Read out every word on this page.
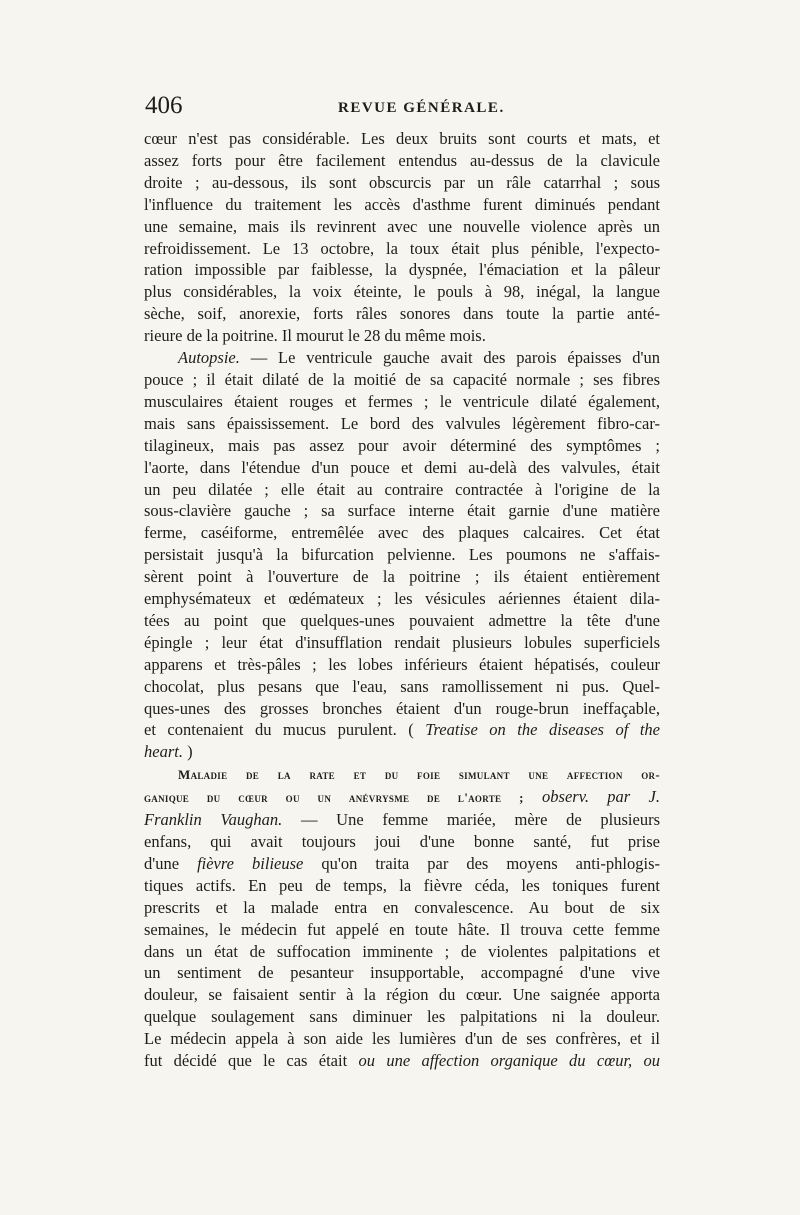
406	REVUE GÉNÉRALE.
cœur n'est pas considérable. Les deux bruits sont courts et mats, et
assez forts pour être facilement entendus au-dessus de la clavicule
droite ; au-dessous, ils sont obscurcis par un râle catarrhal ; sous
l'influence du traitement les accès d'asthme furent diminués pendant
une semaine, mais ils revinrent avec une nouvelle violence après un
refroidissement. Le 13 octobre, la toux était plus pénible, l'expecto-
ration impossible par faiblesse, la dyspnée, l'émaciation et la pâleur
plus considérables, la voix éteinte, le pouls à 98, inégal, la langue
sèche, soif, anorexie, forts râles sonores dans toute la partie anté-
rieure de la poitrine. Il mourut le 28 du même mois.
Autopsie. — Le ventricule gauche avait des parois épaisses d'un
pouce ; il était dilaté de la moitié de sa capacité normale ; ses fibres
musculaires étaient rouges et fermes ; le ventricule dilaté également,
mais sans épaississement. Le bord des valvules légèrement fibro-car-
tilagineux, mais pas assez pour avoir déterminé des symptômes ;
l'aorte, dans l'étendue d'un pouce et demi au-delà des valvules, était
un peu dilatée ; elle était au contraire contractée à l'origine de la
sous-clavière gauche ; sa surface interne était garnie d'une matière
ferme, caséiforme, entremêlée avec des plaques calcaires. Cet état
persistait jusqu'à la bifurcation pelvienne. Les poumons ne s'affais-
sèrent point à l'ouverture de la poitrine ; ils étaient entièrement
emphysémateux et œdémateux ; les vésicules aériennes étaient dila-
tées au point que quelques-unes pouvaient admettre la tête d'une
épingle ; leur état d'insufflation rendait plusieurs lobules superficiels
apparens et très-pâles ; les lobes inférieurs étaient hépatisés, couleur
chocolat, plus pesans que l'eau, sans ramollissement ni pus. Quel-
ques-unes des grosses bronches étaient d'un rouge-brun ineffaçable,
et contenaient du mucus purulent. ( Treatise on the diseases of the
heart. )
Maladie de la rate et du foie simulant une affection or-
ganique du cœur ou un anévrysme de l'aorte ; observ. par J.
Franklin Vaughan. — Une femme mariée, mère de plusieurs
enfans, qui avait toujours joui d'une bonne santé, fut prise
d'une fièvre bilieuse qu'on traita par des moyens anti-phlogis-
tiques actifs. En peu de temps, la fièvre céda, les toniques furent
prescrits et la malade entra en convalescence. Au bout de six
semaines, le médecin fut appelé en toute hâte. Il trouva cette femme
dans un état de suffocation imminente ; de violentes palpitations et
un sentiment de pesanteur insupportable, accompagné d'une vive
douleur, se faisaient sentir à la région du cœur. Une saignée apporta
quelque soulagement sans diminuer les palpitations ni la douleur.
Le médecin appela à son aide les lumières d'un de ses confrères, et il
fut décidé que le cas était ou une affection organique du cœur, ou
